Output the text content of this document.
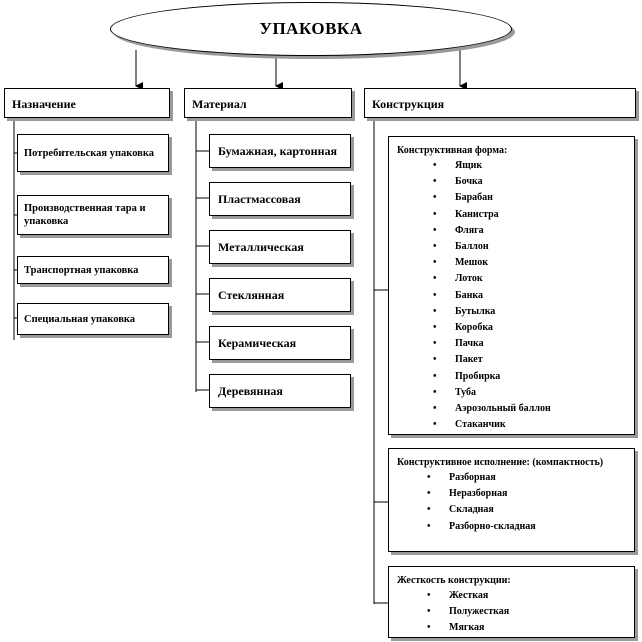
УПАКОВКА
Назначение	Материал	Конструкция
Потребительская упаковка
Производственная тара и упаковка
Транспортная упаковка
Специальная упаковка
Бумажная, картонная
Пластмассовая
Металлическая
Стеклянная
Керамическая
Деревянная
Конструктивная форма:
• Ящик
• Бочка
• Барабан
• Канистра
• Фляга
• Баллон
• Мешок
• Лоток
• Банка
• Бутылка
• Коробка
• Пачка
• Пакет
• Пробирка
• Туба
• Аэрозольный баллон
• Стаканчик
Конструктивное исполнение: (компактность)
• Разборная
• Неразборная
• Складная
• Разборно-складная
Жесткость конструкции:
• Жесткая
• Полужесткая
• Мягкая
